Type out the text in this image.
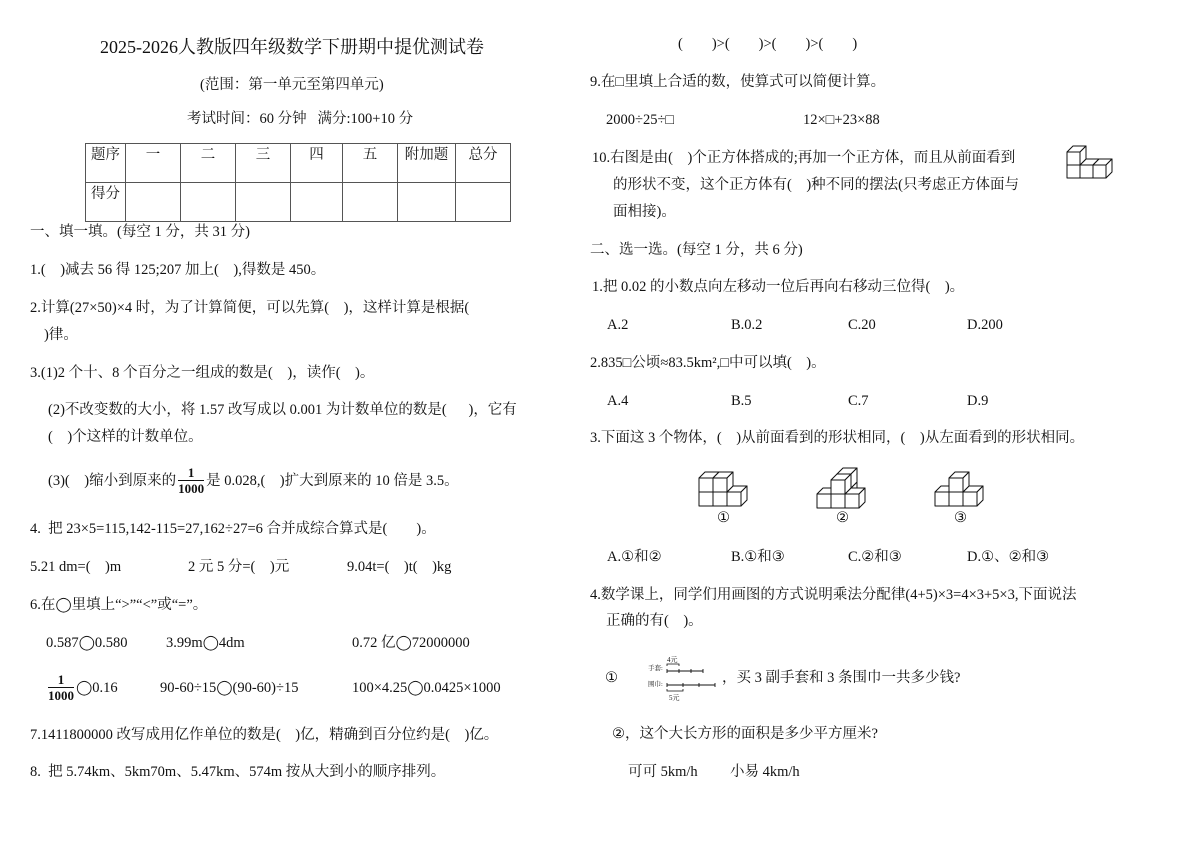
2025-2026人教版四年级数学下册期中提优测试卷
(范围：第一单元至第四单元)
考试时间：60 分钟   满分:100+10 分
题序	一	二	三	四	五	附加题	总分
得分							
一、填一填。(每空 1 分，共 31 分)
1.(    )减去 56 得 125;207 加上(    ),得数是 450。
2.计算(27×50)×4 时，为了计算简便，可以先算(    )，这样计算是根据(
)律。
3.(1)2 个十、8 个百分之一组成的数是(    )，读作(    )。
(2)不改变数的大小，将 1.57 改写成以 0.001 为计数单位的数是(      )，它有
(    )个这样的计数单位。
(3)(    )缩小到原来的 $\frac{1}{1000}$ 是 0.028,(    )扩大到原来的 10 倍是 3.5。
4.  把 23×5=115,142-115=27,162÷27=6 合并成综合算式是(        )。
5.21 dm=(    )m	2 元 5 分=(    )元	9.04t=(    )t(    )kg
6.在◯里填上“>”“<”或“=”。
0.587◯0.580	3.99m◯4dm	0.72 亿◯72000000
$\frac{1}{1000}$ ◯0.16	90-60÷15◯(90-60)÷15	100×4.25◯0.0425×1000
7.1411800000 改写成用亿作单位的数是(    )亿，精确到百分位约是(    )亿。
8.  把 5.74km、5km70m、5.47km、574m 按从大到小的顺序排列。
(        )>(        )>(        )>(        )
9.在□里填上合适的数，使算式可以简便计算。
2000÷25÷□	12×□+23×88
10.右图是由(    )个正方体搭成的;再加一个正方体，而且从前面看到
的形状不变，这个正方体有(    )种不同的摆法(只考虑正方体面与
面相接)。
二、选一选。(每空 1 分，共 6 分)
1.把 0.02 的小数点向左移动一位后再向右移动三位得(    )。
A.2	B.0.2	C.20	D.200
2.835□公顷≈83.5km²,□中可以填(    )。
A.4	B.5	C.7	D.9
3.下面这 3 个物体，(    )从前面看到的形状相同，(    )从左面看到的形状相同。
①	②	③
A.①和②	B.①和③	C.②和③	D.①、②和③
4.数学课上，同学们用画图的方式说明乘法分配律(4+5)×3=4×3+5×3,下面说法
正确的有(    )。
①
4元
手套:
围巾:
5元
，买 3 副手套和 3 条围巾一共多少钱?
②，这个大长方形的面积是多少平方厘米?
可可 5km/h 小易 4km/h
